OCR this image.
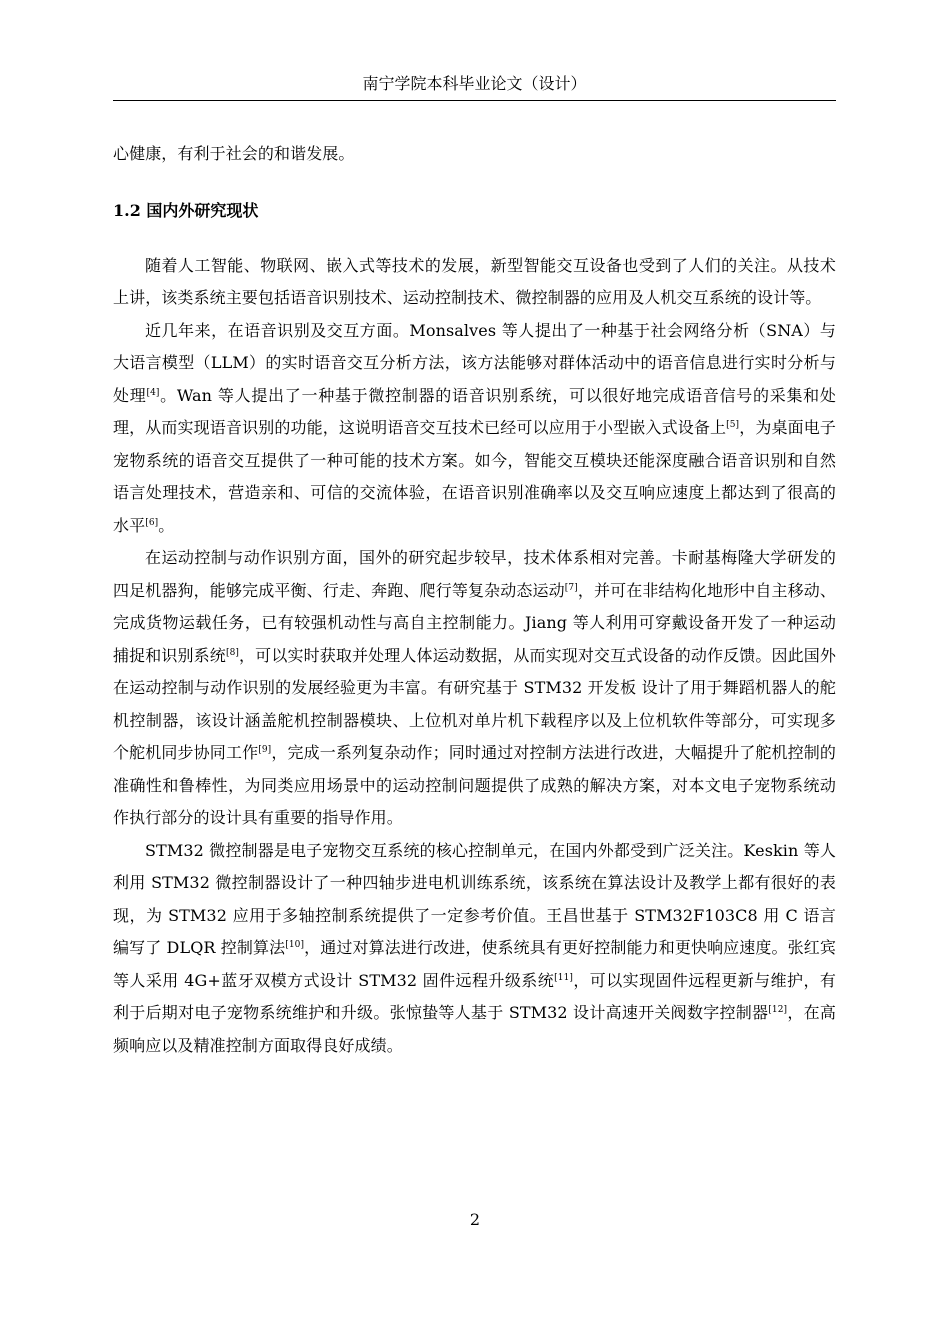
南宁学院本科毕业论文（设计）

心健康，有利于社会的和谐发展。

1.2 国内外研究现状

随着人工智能、物联网、嵌入式等技术的发展，新型智能交互设备也受到了人们的关注。从技术上讲，该类系统主要包括语音识别技术、运动控制技术、微控制器的应用及人机交互系统的设计等。

近几年来，在语音识别及交互方面。Monsalves 等人提出了一种基于社会网络分析（SNA）与大语言模型（LLM）的实时语音交互分析方法，该方法能够对群体活动中的语音信息进行实时分析与处理[4]。Wan 等人提出了一种基于微控制器的语音识别系统，可以很好地完成语音信号的采集和处理，从而实现语音识别的功能，这说明语音交互技术已经可以应用于小型嵌入式设备上[5]，为桌面电子宠物系统的语音交互提供了一种可能的技术方案。如今，智能交互模块还能深度融合语音识别和自然语言处理技术，营造亲和、可信的交流体验，在语音识别准确率以及交互响应速度上都达到了很高的水平[6]。

在运动控制与动作识别方面，国外的研究起步较早，技术体系相对完善。卡耐基梅隆大学研发的四足机器狗，能够完成平衡、行走、奔跑、爬行等复杂动态运动[7]，并可在非结构化地形中自主移动、完成货物运载任务，已有较强机动性与高自主控制能力。Jiang 等人利用可穿戴设备开发了一种运动捕捉和识别系统[8]，可以实时获取并处理人体运动数据，从而实现对交互式设备的动作反馈。因此国外在运动控制与动作识别的发展经验更为丰富。有研究基于 STM32 开发板 设计了用于舞蹈机器人的舵机控制器，该设计涵盖舵机控制器模块、上位机对单片机下载程序以及上位机软件等部分，可实现多个舵机同步协同工作[9]，完成一系列复杂动作；同时通过对控制方法进行改进，大幅提升了舵机控制的准确性和鲁棒性，为同类应用场景中的运动控制问题提供了成熟的解决方案，对本文电子宠物系统动作执行部分的设计具有重要的指导作用。

STM32 微控制器是电子宠物交互系统的核心控制单元，在国内外都受到广泛关注。Keskin 等人利用 STM32 微控制器设计了一种四轴步进电机训练系统，该系统在算法设计及教学上都有很好的表现，为 STM32 应用于多轴控制系统提供了一定参考价值。王昌世基于 STM32F103C8 用 C 语言编写了 DLQR 控制算法[10]，通过对算法进行改进，使系统具有更好控制能力和更快响应速度。张红宾等人采用 4G+蓝牙双模方式设计 STM32 固件远程升级系统[11]，可以实现固件远程更新与维护，有利于后期对电子宠物系统维护和升级。张惊蛰等人基于 STM32 设计高速开关阀数字控制器[12]，在高频响应以及精准控制方面取得良好成绩。

2
